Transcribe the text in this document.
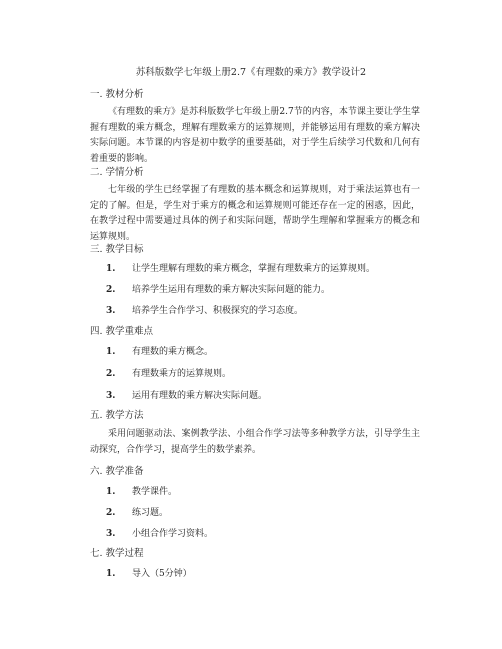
苏科版数学七年级上册2.7《有理数的乘方》教学设计2
一. 教材分析
《有理数的乘方》是苏科版数学七年级上册2.7节的内容，本节课主要让学生掌握有理数的乘方概念，理解有理数乘方的运算规则，并能够运用有理数的乘方解决实际问题。本节课的内容是初中数学的重要基础，对于学生后续学习代数和几何有着重要的影响。
二. 学情分析
七年级的学生已经掌握了有理数的基本概念和运算规则，对于乘法运算也有一定的了解。但是，学生对于乘方的概念和运算规则可能还存在一定的困惑，因此，在教学过程中需要通过具体的例子和实际问题，帮助学生理解和掌握乘方的概念和运算规则。
三. 教学目标
1. 让学生理解有理数的乘方概念，掌握有理数乘方的运算规则。
2. 培养学生运用有理数的乘方解决实际问题的能力。
3. 培养学生合作学习、积极探究的学习态度。
四. 教学重难点
1. 有理数的乘方概念。
2. 有理数乘方的运算规则。
3. 运用有理数的乘方解决实际问题。
五. 教学方法
采用问题驱动法、案例教学法、小组合作学习法等多种教学方法，引导学生主动探究，合作学习，提高学生的数学素养。
六. 教学准备
1. 教学课件。
2. 练习题。
3. 小组合作学习资料。
七. 教学过程
1. 导入（5分钟）
